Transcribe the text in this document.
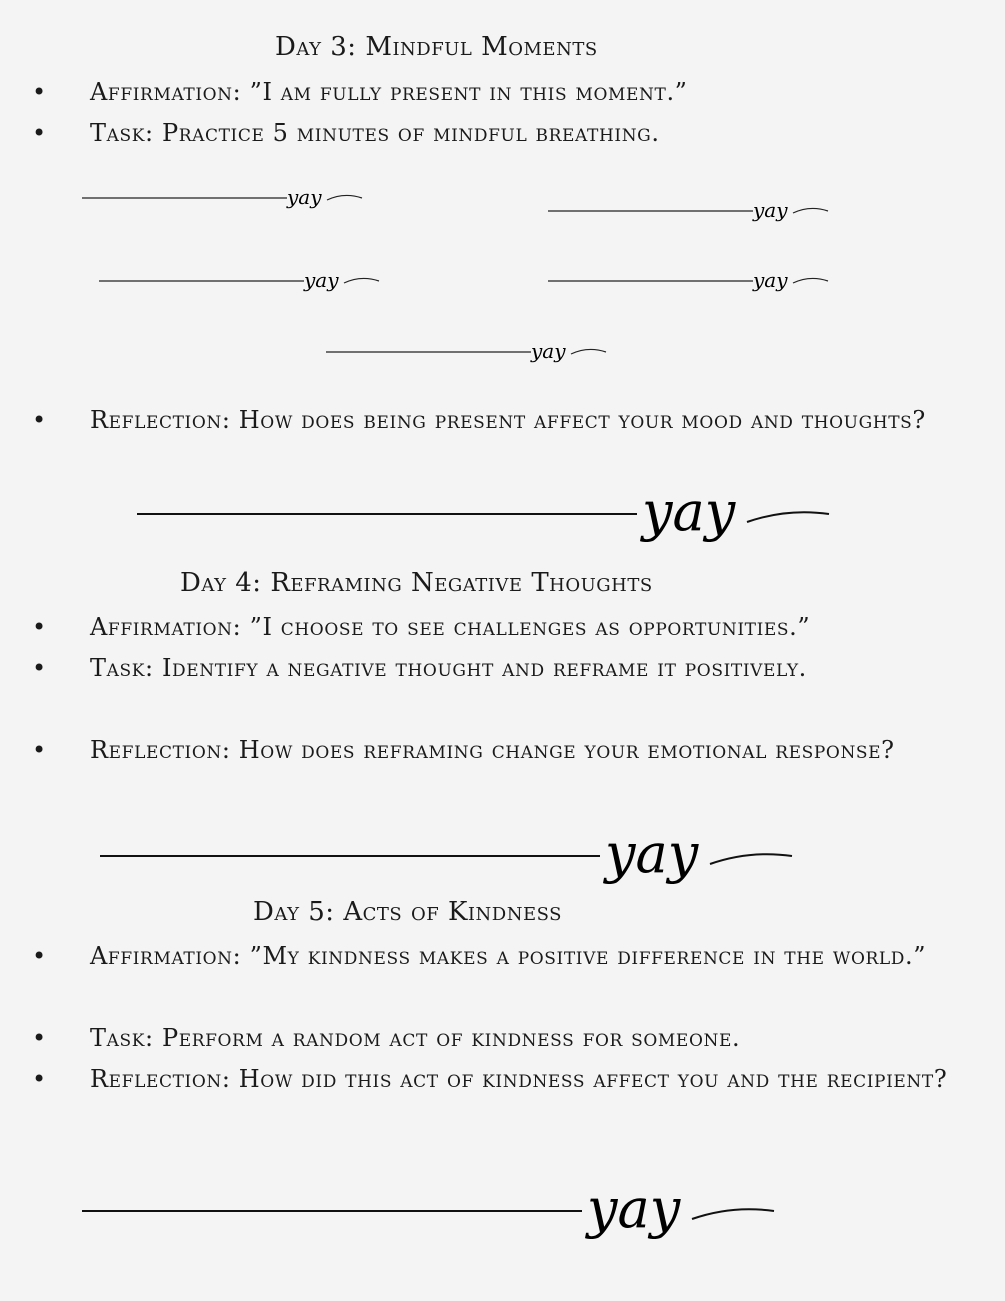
Day 3: Mindful Moments
• Affirmation: ”I am fully present in this moment.”
• Task: Practice 5 minutes of mindful breathing.
yay
yay
yay	yay
yay
• Reflection: How does being present affect your mood and thoughts?
yay
Day 4: Reframing Negative Thoughts
• Affirmation: ”I choose to see challenges as opportunities.”
• Task: Identify a negative thought and reframe it positively.
• Reflection: How does reframing change your emotional response?
yay
Day 5: Acts of Kindness
• Affirmation: ”My kindness makes a positive difference in the world.”
• Task: Perform a random act of kindness for someone.
• Reflection: How did this act of kindness affect you and the recipient?
yay
